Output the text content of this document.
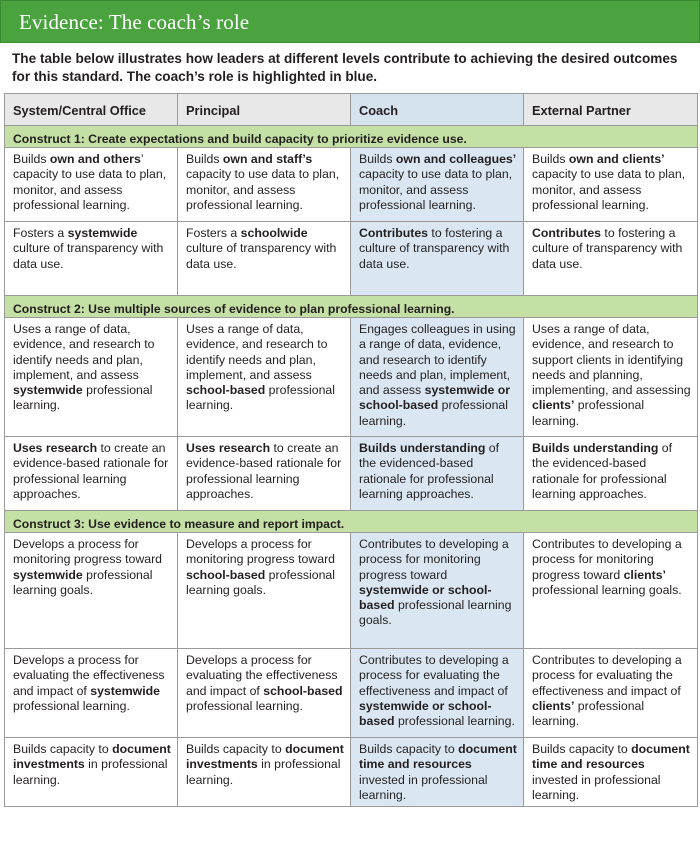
Evidence: The coach’s role
The table below illustrates how leaders at different levels contribute to achieving the desired outcomes for this standard. The coach’s role is highlighted in blue.
System/Central Office	Principal	Coach	External Partner
Construct 1: Create expectations and build capacity to prioritize evidence use.			
Builds own and others’ capacity to use data to plan, monitor, and assess professional learning.	Builds own and staff’s capacity to use data to plan, monitor, and assess professional learning.	Builds own and colleagues’ capacity to use data to plan, monitor, and assess professional learning.	Builds own and clients’ capacity to use data to plan, monitor, and assess professional learning.
Fosters a systemwide culture of transparency with data use.	Fosters a schoolwide culture of transparency with data use.	Contributes to fostering a culture of transparency with data use.	Contributes to fostering a culture of transparency with data use.
Construct 2: Use multiple sources of evidence to plan professional learning.			
Uses a range of data, evidence, and research to identify needs and plan, implement, and assess systemwide professional learning.	Uses a range of data, evidence, and research to identify needs and plan, implement, and assess school-based professional learning.	Engages colleagues in using a range of data, evidence, and research to identify needs and plan, implement, and assess systemwide or school-based professional learning.	Uses a range of data, evidence, and research to support clients in identifying needs and planning, implementing, and assessing clients’ professional learning.
Uses research to create an evidence-based rationale for professional learning approaches.	Uses research to create an evidence-based rationale for professional learning approaches.	Builds understanding of the evidenced-based rationale for professional learning approaches.	Builds understanding of the evidenced-based rationale for professional learning approaches.
Construct 3: Use evidence to measure and report impact.			
Develops a process for monitoring progress toward systemwide professional learning goals.	Develops a process for monitoring progress toward school-based professional learning goals.	Contributes to developing a process for monitoring progress toward systemwide or school-based professional learning goals.	Contributes to developing a process for monitoring progress toward clients’ professional learning goals.
Develops a process for evaluating the effectiveness and impact of systemwide professional learning.	Develops a process for evaluating the effectiveness and impact of school-based professional learning.	Contributes to developing a process for evaluating the effectiveness and impact of systemwide or school-based professional learning.	Contributes to developing a process for evaluating the effectiveness and impact of clients’ professional learning.
Builds capacity to document investments in professional learning.	Builds capacity to document investments in professional learning.	Builds capacity to document time and resources invested in professional learning.	Builds capacity to document time and resources invested in professional learning.
